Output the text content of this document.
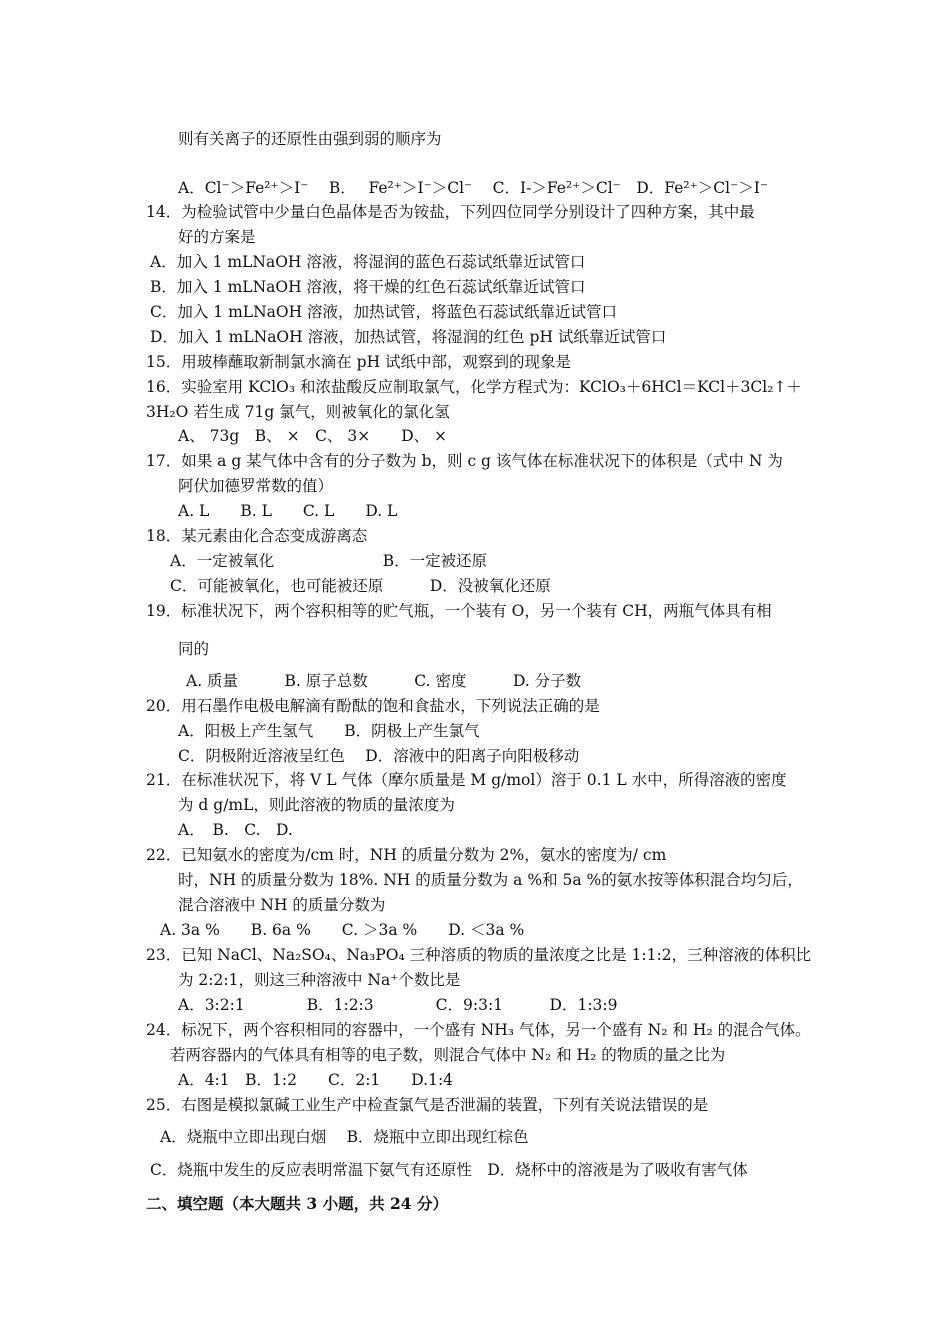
则有关离子的还原性由强到弱的顺序为
A．Cl⁻＞Fe²⁺＞I⁻　 B．　 Fe²⁺＞I⁻＞Cl⁻　 C．I-＞Fe²⁺＞Cl⁻　D．Fe²⁺＞Cl⁻＞I⁻
14．为检验试管中少量白色晶体是否为铵盐，下列四位同学分别设计了四种方案，其中最
好的方案是
A．加入 1 mLNaOH 溶液，将湿润的蓝色石蕊试纸靠近试管口
B．加入 1 mLNaOH 溶液，将干燥的红色石蕊试纸靠近试管口
C．加入 1 mLNaOH 溶液，加热试管，将蓝色石蕊试纸靠近试管口
D．加入 1 mLNaOH 溶液，加热试管，将湿润的红色 pH 试纸靠近试管口
15．用玻棒蘸取新制氯水滴在 pH 试纸中部，观察到的现象是
16．实验室用 KClO₃ 和浓盐酸反应制取氯气，化学方程式为：KClO₃＋6HCl＝KCl＋3Cl₂↑＋
3H₂O 若生成 71g 氯气，则被氧化的氯化氢
A、 73g　B、 ×　C、 3×　　D、 ×
17．如果 a g 某气体中含有的分子数为 b，则 c g 该气体在标准状况下的体积是（式中 N 为
阿伏加德罗常数的值）
A. L　　B. L　　C. L　　D. L
18．某元素由化合态变成游离态
A．一定被氧化　　　　　　　B．一定被还原
C．可能被氧化，也可能被还原　　　D．没被氧化还原
19．标准状况下，两个容积相等的贮气瓶，一个装有 O，另一个装有 CH，两瓶气体具有相
同的
A. 质量　　　B. 原子总数　　　C. 密度　　　D. 分子数
20．用石墨作电极电解滴有酚酞的饱和食盐水，下列说法正确的是
A．阳极上产生氢气　　B．阴极上产生氯气
C．阴极附近溶液呈红色　 D．溶液中的阳离子向阳极移动
21．在标准状况下，将 V L 气体（摩尔质量是 M g/mol）溶于 0.1 L 水中，所得溶液的密度
为 d g/mL，则此溶液的物质的量浓度为
A．　B.　C.　D.
22．已知氨水的密度为/cm 时，NH 的质量分数为 2%，氨水的密度为/ cm
时，NH 的质量分数为 18%. NH 的质量分数为 a %和 5a %的氨水按等体积混合均匀后，
混合溶液中 NH 的质量分数为
A. 3a %　　B. 6a %　　C. ＞3a %　　D. ＜3a %
23．已知 NaCl、Na₂SO₄、Na₃PO₄ 三种溶质的物质的量浓度之比是 1:1:2，三种溶液的体积比
为 2:2:1，则这三种溶液中 Na⁺个数比是
A．3:2:1　　　　B．1:2:3　　　　C．9:3:1　　　D．1:3:9
24．标况下，两个容积相同的容器中，一个盛有 NH₃ 气体，另一个盛有 N₂ 和 H₂ 的混合气体。
若两容器内的气体具有相等的电子数，则混合气体中 N₂ 和 H₂ 的物质的量之比为
A．4:1　B．1:2　　C．2:1　　D.1:4
25．右图是模拟氯碱工业生产中检查氯气是否泄漏的装置，下列有关说法错误的是
A．烧瓶中立即出现白烟　 B．烧瓶中立即出现红棕色
C．烧瓶中发生的反应表明常温下氨气有还原性　D．烧杯中的溶液是为了吸收有害气体
二、填空题（本大题共 3 小题，共 24 分）
